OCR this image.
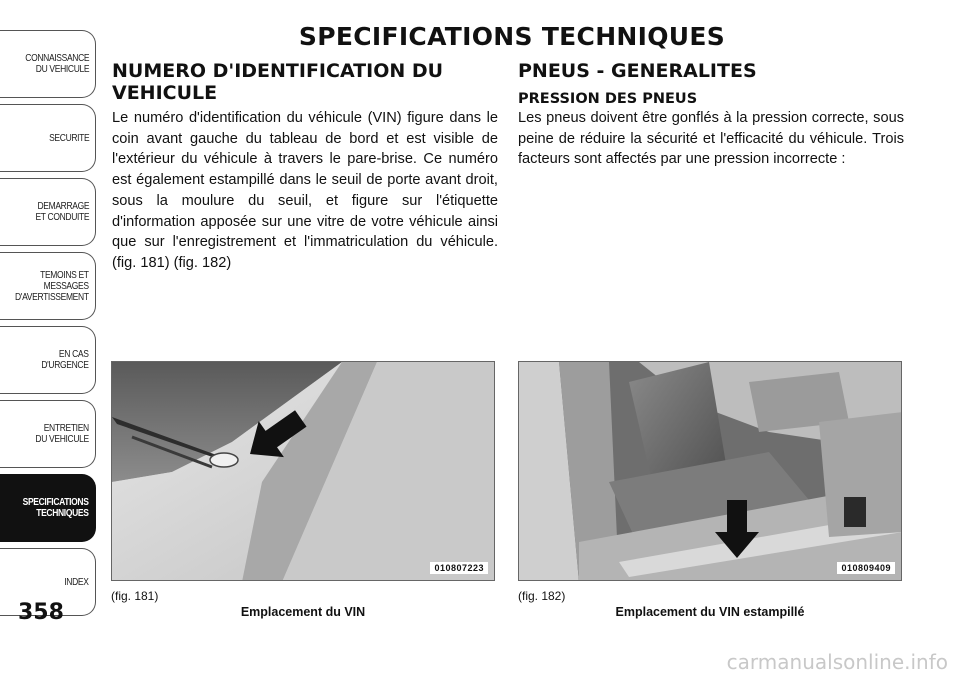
CONNAISSANCE
DU VEHICULE
SECURITE
DEMARRAGE
ET CONDUITE
TEMOINS ET
MESSAGES
D'AVERTISSEMENT
EN CAS
D'URGENCE
ENTRETIEN
DU VEHICULE
SPECIFICATIONS
TECHNIQUES
INDEX
358
SPECIFICATIONS TECHNIQUES
NUMERO D'IDENTIFICATION DU VEHICULE

Le numéro d'identification du véhicule (VIN) figure dans le coin avant gauche du tableau de bord et est visible de l'extérieur du véhicule à travers le pare-brise. Ce numéro est également estampillé dans le seuil de porte avant droit, sous la moulure du seuil, et figure sur l'étiquette d'information apposée sur une vitre de votre véhicule ainsi que sur l'enregistrement et l'immatriculation du véhicule. (fig. 181) (fig. 182)

PNEUS - GENERALITES
PRESSION DES PNEUS

Les pneus doivent être gonflés à la pression correcte, sous peine de réduire la sécurité et l'efficacité du véhicule. Trois facteurs sont affectés par une pression incorrecte :

010807223	010809409
(fig. 181)
Emplacement du VIN
(fig. 182)
Emplacement du VIN estampillé
carmanualsonline.info
